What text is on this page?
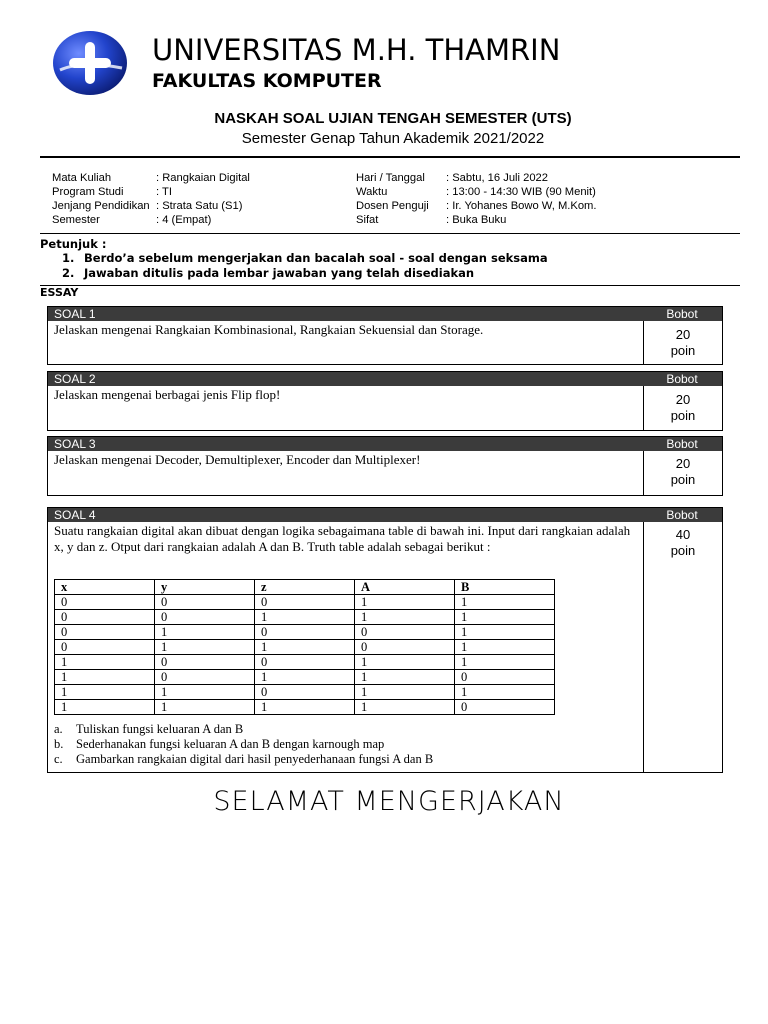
UNIVERSITAS M.H. THAMRIN
FAKULTAS KOMPUTER
NASKAH SOAL UJIAN TENGAH SEMESTER (UTS)
Semester Genap Tahun Akademik 2021/2022
Mata Kuliah	: Rangkaian Digital
Program Studi	: TI
Jenjang Pendidikan : Strata Satu (S1)
Semester	: 4 (Empat)
Hari / Tanggal : Sabtu, 16 Juli 2022
Waktu	: 13:00 - 14:30 WIB (90 Menit)
Dosen Penguji : Ir. Yohanes Bowo W, M.Kom.
Sifat	: Buka Buku
Petunjuk :
1. Berdo’a sebelum mengerjakan dan bacalah soal - soal dengan seksama
2. Jawaban ditulis pada lembar jawaban yang telah disediakan
ESSAY
SOAL 1	Bobot
Jelaskan mengenai Rangkaian Kombinasional, Rangkaian Sekuensial dan Storage.	20
poin
SOAL 2	Bobot
Jelaskan mengenai berbagai jenis Flip flop!	20
poin
SOAL 3	Bobot
Jelaskan mengenai Decoder, Demultiplexer, Encoder dan Multiplexer!	20
poin
SOAL 4	Bobot
Suatu rangkaian digital akan dibuat dengan logika sebagaimana table di bawah ini. Input dari rangkaian adalah x, y dan z. Otput dari rangkaian adalah A dan B. Truth table adalah sebagai berikut :
40
poin
x	y	z	A	B
0	0	0	1	1
0	0	1	1	1
0	1	0	0	1
0	1	1	0	1
1	0	0	1	1
1	0	1	1	0
1	1	0	1	1
1	1	1	1	0
a. Tuliskan fungsi keluaran A dan B
b. Sederhanakan fungsi keluaran A dan B dengan karnough map
c. Gambarkan rangkaian digital dari hasil penyederhanaan fungsi A dan B
SELAMAT MENGERJAKAN
